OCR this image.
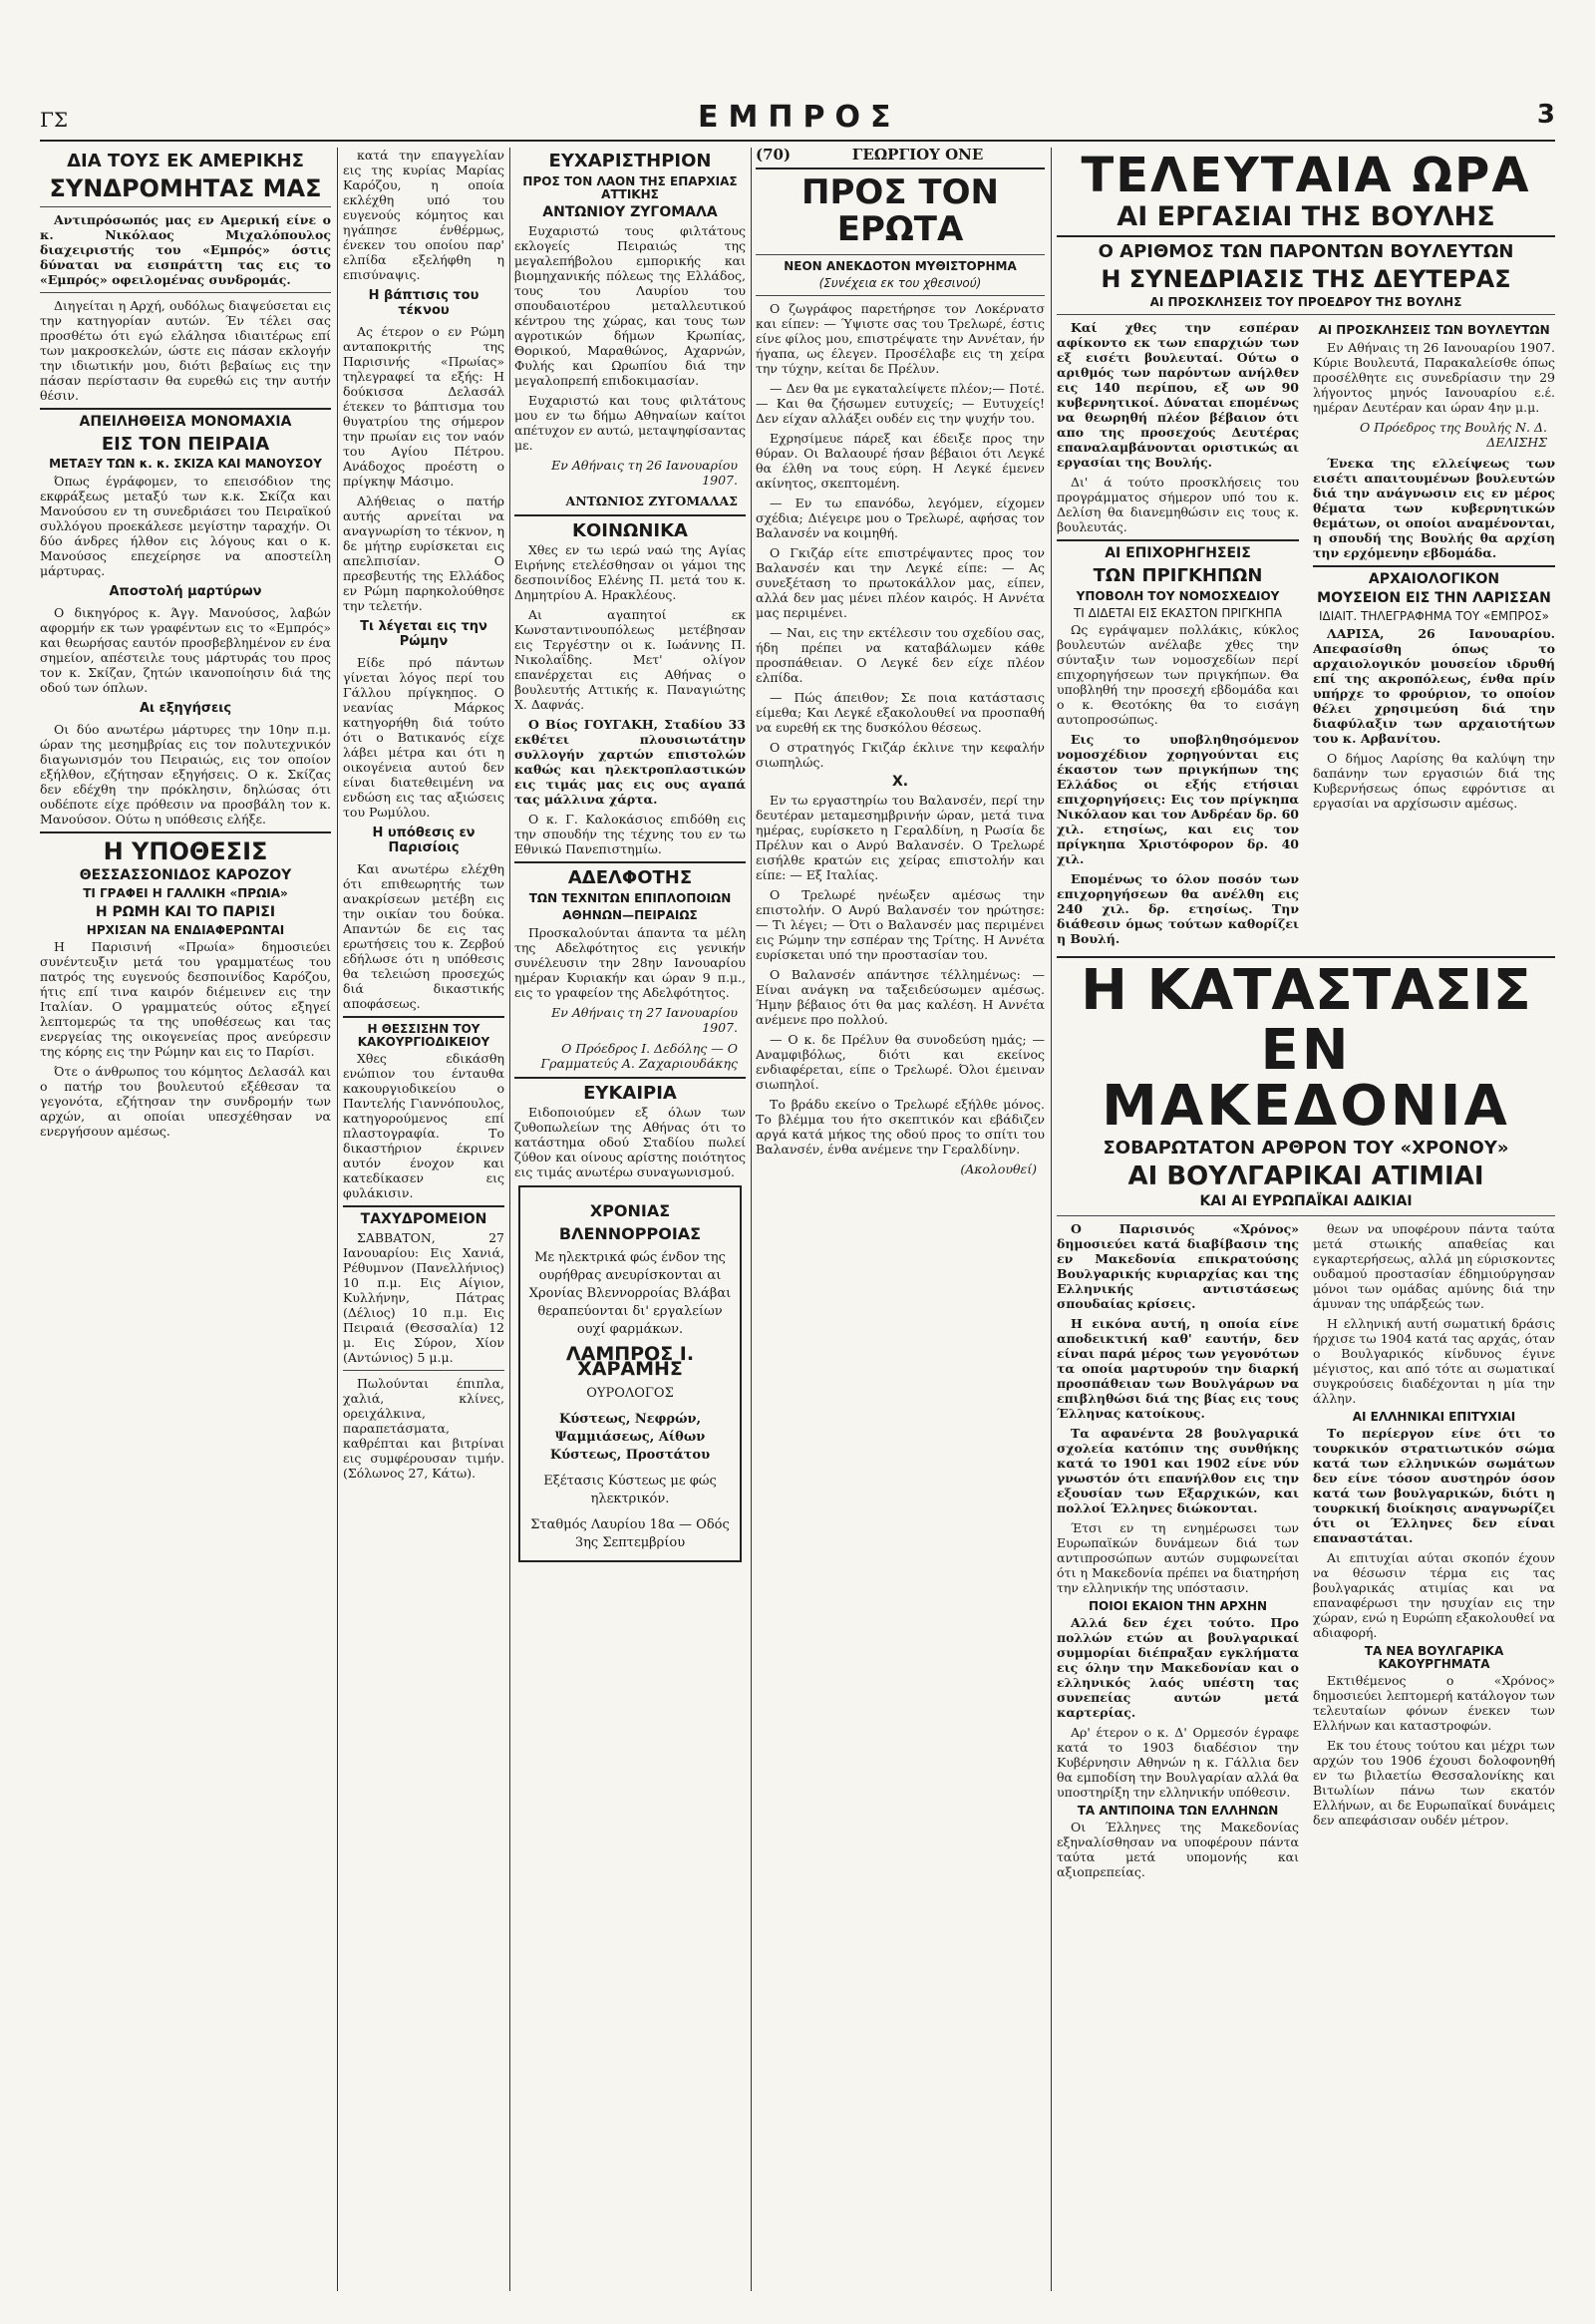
ΓΣ	ΕΜΠΡΟΣ	3
ΔΙΑ ΤΟΥΣ ΕΚ ΑΜΕΡΙΚΗΣ
ΣΥΝΔΡΟΜΗΤΑΣ ΜΑΣ

Αντιπρόσωπός μας εν Αμερική είνε ο κ. Νικόλαος Μιχαλόπουλος διαχειριστής του «Εμπρός» όστις δύναται να εισπράττη τας εις το «Εμπρός» οφειλομένας συνδρομάς.

Διηγείται η Αρχή, ουδόλως διαψεύσεται εις την κατηγορίαν αυτών. Έν τέλει σας προσθέτω ότι εγώ ελάλησα ιδιαιτέρως επί των μακροσκελών, ώστε εις πάσαν εκλογήν την ιδιωτικήν μου, διότι βεβαίως εις την πάσαν περίστασιν θα ευρεθώ εις την αυτήν θέσιν.

ΑΠΕΙΛΗΘΕΙΣΑ ΜΟΝΟΜΑΧΙΑ
ΕΙΣ ΤΟΝ ΠΕΙΡΑΙΑ
ΜΕΤΑΞΥ ΤΩΝ κ. κ. ΣΚΙΖΑ ΚΑΙ ΜΑΝΟΥΣΟΥ

Όπως έγράφομεν, το επεισόδιον της εκφράξεως μεταξύ των κ.κ. Σκίζα και Μανούσου εν τη συνεδριάσει του Πειραϊκού συλλόγου προεκάλεσε μεγίστην ταραχήν. Οι δύο άνδρες ήλθον εις λόγους και ο κ. Μανούσος επεχείρησε να αποστείλη μάρτυρας.

Αποστολή μαρτύρων

Ο δικηγόρος κ. Άγγ. Μανούσος, λαβών αφορμήν εκ των γραφέντων εις το «Εμπρός» και θεωρήσας εαυτόν προσβεβλημένον εν ένα σημείον, απέστειλε τους μάρτυράς του προς τον κ. Σκίζαν, ζητών ικανοποίησιν διά της οδού των όπλων.

Αι εξηγήσεις

Οι δύο ανωτέρω μάρτυρες την 10ην π.μ. ώραν της μεσημβρίας εις τον πολυτεχνικόν διαγωνισμόν του Πειραιώς, εις τον οποίον εξήλθον, εζήτησαν εξηγήσεις. Ο κ. Σκίζας δεν εδέχθη την πρόκλησιν, δηλώσας ότι ουδέποτε είχε πρόθεσιν να προσβάλη τον κ. Μανούσον. Ούτω η υπόθεσις ελήξε.

Η ΥΠΟΘΕΣΙΣ
ΘΕΣΣΑΣΣΟΝΙΔΟΣ ΚΑΡΟΖΟΥ
ΤΙ ΓΡΑΦΕΙ Η ΓΑΛΛΙΚΗ «ΠΡΩΙΑ»
Η ΡΩΜΗ ΚΑΙ ΤΟ ΠΑΡΙΣΙ
ΗΡΧΙΣΑΝ ΝΑ ΕΝΔΙΑΦΕΡΩΝΤΑΙ

Η Παρισινή «Πρωία» δημοσιεύει συνέντευξιν μετά του γραμματέως του πατρός της ευγενούς δεσποινίδος Καρόζου, ήτις επί τινα καιρόν διέμεινεν εις την Ιταλίαν. Ο γραμματεύς ούτος εξηγεί λεπτομερώς τα της υποθέσεως και τας ενεργείας της οικογενείας προς ανεύρεσιν της κόρης εις την Ρώμην και εις το Παρίσι.

Ότε ο άνθρωπος του κόμητος Δελασάλ και ο πατήρ του βουλευτού εξέθεσαν τα γεγονότα, εζήτησαν την συνδρομήν των αρχών, αι οποίαι υπεσχέθησαν να ενεργήσουν αμέσως.

κατά την επαγγελίαν εις της κυρίας Μαρίας Καρόζου, η οποία εκλέχθη υπό του ευγενούς κόμητος και ηγάπησε ένθέρμως, ένεκεν του οποίου παρ' ελπίδα εξελήφθη η επισύναψις.

Η βάπτισις του τέκνου

Ας έτερον ο εν Ρώμη ανταποκριτής της Παρισινής «Πρωίας» τηλεγραφεί τα εξής: Η δούκισσα Δελασάλ έτεκεν το βάπτισμα του θυγατρίου της σήμερον την πρωίαν εις τον ναόν του Αγίου Πέτρου. Ανάδοχος προέστη ο πρίγκηψ Μάσιμο.

Αλήθειας ο πατήρ αυτής αρνείται να αναγνωρίση το τέκνον, η δε μήτηρ ευρίσκεται εις απελπισίαν. Ο πρεσβευτής της Ελλάδος εν Ρώμη παρηκολούθησε την τελετήν.

Τι λέγεται εις την Ρώμην

Είδε πρό πάντων γίνεται λόγος περί του Γάλλου πρίγκηπος. Ο νεανίας Μάρκος κατηγορήθη διά τούτο ότι ο Βατικανός είχε λάβει μέτρα και ότι η οικογένεια αυτού δεν είναι διατεθειμένη να ενδώση εις τας αξιώσεις του Ρωμύλου.

Η υπόθεσις εν Παρισίοις

Και ανωτέρω ελέχθη ότι επιθεωρητής των ανακρίσεων μετέβη εις την οικίαν του δούκα. Απαντών δε εις τας ερωτήσεις του κ. Ζερβού εδήλωσε ότι η υπόθεσις θα τελειώση προσεχώς διά δικαστικής αποφάσεως.

Η ΘΕΣΣΙΣΗΝ ΤΟΥ ΚΑΚΟΥΡΓΙΟΔΙΚΕΙΟΥ

Χθες εδικάσθη ενώπιον του ένταυθα κακουργιοδικείου ο Παντελής Γιαννόπουλος, κατηγορούμενος επί πλαστογραφία. Το δικαστήριον έκρινεν αυτόν ένοχον και κατεδίκασεν εις φυλάκισιν.

ΤΑΧΥΔΡΟΜΕΙΟΝ

ΣΑΒΒΑΤΟΝ, 27 Ιανουαρίου: Εις Χανιά, Ρέθυμνον (Πανελλήνιος) 10 π.μ. Εις Αίγιον, Κυλλήνην, Πάτρας (Δέλιος) 10 π.μ. Εις Πειραιά (Θεσσαλία) 12 μ. Εις Σύρον, Χίον (Αντώνιος) 5 μ.μ.

Πωλούνται έπιπλα, χαλιά, κλίνες, ορειχάλκινα, παραπετάσματα, καθρέπται και βιτρίναι εις συμφέρουσαν τιμήν. (Σόλωνος 27, Κάτω).

ΕΥΧΑΡΙΣΤΗΡΙΟΝ
ΠΡΟΣ ΤΟΝ ΛΑΟΝ ΤΗΣ ΕΠΑΡΧΙΑΣ ΑΤΤΙΚΗΣ
ΑΝΤΩΝΙΟΥ ΖΥΓΟΜΑΛΑ

Ευχαριστώ τους φιλτάτους εκλογείς Πειραιώς της μεγαλεπήβολου εμπορικής και βιομηχανικής πόλεως της Ελλάδος, τους του Λαυρίου του σπουδαιοτέρου μεταλλευτικού κέντρου της χώρας, και τους των αγροτικών δήμων Κρωπίας, Θορικού, Μαραθώνος, Αχαρνών, Φυλής και Ωρωπίου διά την μεγαλοπρεπή επιδοκιμασίαν.

Ευχαριστώ και τους φιλτάτους μου εν τω δήμω Αθηναίων καίτοι απέτυχον εν αυτώ, μεταψηφίσαντας με.

Εν Αθήναις τη 26 Ιανουαρίου 1907.
ΑΝΤΩΝΙΟΣ ΖΥΓΟΜΑΛΑΣ
ΚΟΙΝΩΝΙΚΑ

Χθες εν τω ιερώ ναώ της Αγίας Ειρήνης ετελέσθησαν οι γάμοι της δεσποινίδος Ελένης Π. μετά του κ. Δημητρίου Α. Ηρακλέους.

Αι αγαπητοί εκ Κωνσταντινουπόλεως μετέβησαν εις Τεργέστην οι κ. Ιωάννης Π. Νικολαΐδης. Μετ' ολίγον επανέρχεται εις Αθήνας ο βουλευτής Αττικής κ. Παναγιώτης Χ. Δαφνάς.

Ο Βίος ΓΟΥΓΑΚΗ, Σταδίου 33 εκθέτει πλουσιωτάτην συλλογήν χαρτών επιστολών καθώς και ηλεκτροπλαστικών εις τιμάς μας εις ους αγαπά τας μάλλινα χάρτα.

Ο κ. Γ. Καλοκάσιος επιδόθη εις την σπουδήν της τέχνης του εν τω Εθνικώ Πανεπιστημίω.

ΑΔΕΛΦΟΤΗΣ
ΤΩΝ ΤΕΧΝΙΤΩΝ ΕΠΙΠΛΟΠΟΙΩΝ
ΑΘΗΝΩΝ—ΠΕΙΡΑΙΩΣ

Προσκαλούνται άπαντα τα μέλη της Αδελφότητος εις γενικήν συνέλευσιν την 28ην Ιανουαρίου ημέραν Κυριακήν και ώραν 9 π.μ., εις το γραφείον της Αδελφότητος.

Εν Αθήναις τη 27 Ιανουαρίου 1907.
Ο Πρόεδρος Ι. Δεδόλης — Ο Γραμματεύς Α. Ζαχαριουδάκης
ΕΥΚΑΙΡΙΑ

Ειδοποιούμεν εξ όλων των ζυθοπωλείων της Αθήνας ότι το κατάστημα οδού Σταδίου πωλεί ζύθον και οίνους αρίστης ποιότητος εις τιμάς ανωτέρω συναγωνισμού.

ΧΡΟΝΙΑΣ
ΒΛΕΝΝΟΡΡΟΙΑΣ
Με ηλεκτρικά φώς ένδον της ουρήθρας ανευρίσκονται αι Χρονίας Βλεννορροίας Βλάβαι θεραπεύονται δι' εργαλείων ουχί φαρμάκων.
ΛΑΜΠΡΟΣ Ι. ΧΑΡΑΜΗΣ
ΟΥΡΟΛΟΓΟΣ
Κύστεως, Νεφρών, Ψαμμιάσεως, Αίθων Κύστεως, Προστάτου
Εξέτασις Κύστεως με φώς ηλεκτρικόν.
Σταθμός Λαυρίου 18α — Οδός 3ης Σεπτεμβρίου
(70)	ΓΕΩΡΓΙΟΥ ΟΝΕ
ΠΡΟΣ ΤΟΝ ΕΡΩΤΑ
ΝΕΟΝ ΑΝΕΚΔΟΤΟΝ ΜΥΘΙΣΤΟΡΗΜΑ
(Συνέχεια εκ του χθεσινού)

Ο ζωγράφος παρετήρησε τον Λοκέρνατσ και είπεν: — Ύψιστε σας του Τρελωρέ, έστις είνε φίλος μου, επιστρέψατε την Αννέταν, ήν ήγαπα, ως έλεγεν. Προσέλαβε εις τη χείρα την τύχην, κείται δε Πρέλυν.

— Δεν θα με εγκαταλείψετε πλέον;— Ποτέ. — Και θα ζήσωμεν ευτυχείς; — Ευτυχείς! Δεν είχαν αλλάξει ουδέν εις την ψυχήν του.

Εχρησίμευε πάρεξ και έδειξε προς την θύραν. Οι Βαλαουρέ ήσαν βέβαιοι ότι Λεγκέ θα έλθη να τους εύρη. Η Λεγκέ έμενεν ακίνητος, σκεπτομένη.

— Εν τω επανόδω, λεγόμεν, είχομεν σχέδια; Διέγειρε μου ο Τρελωρέ, αφήσας τον Βαλανσέν να κοιμηθή.

Ο Γκιζάρ είτε επιστρέψαντες προς τον Βαλανσέν και την Λεγκέ είπε: — Ας συνεξέταση το πρωτοκάλλον μας, είπεν, αλλά δεν μας μένει πλέον καιρός. Η Αννέτα μας περιμένει.

— Ναι, εις την εκτέλεσιν του σχεδίου σας, ήδη πρέπει να καταβάλωμεν κάθε προσπάθειαν. Ο Λεγκέ δεν είχε πλέον ελπίδα.

— Πώς άπειθον; Σε ποια κατάστασις είμεθα; Και Λεγκέ εξακολουθεί να προσπαθή να ευρεθή εκ της δυσκόλου θέσεως.

Ο στρατηγός Γκιζάρ έκλινε την κεφαλήν σιωπηλώς.

Χ.

Εν τω εργαστηρίω του Βαλανσέν, περί την δευτέραν μεταμεσημβρινήν ώραν, μετά τινα ημέρας, ευρίσκετο η Γεραλδίνη, η Ρωσία δε Πρέλυν και ο Ανρύ Βαλανσέν. Ο Τρελωρέ εισήλθε κρατών εις χείρας επιστολήν και είπε: — Εξ Ιταλίας.

Ο Τρελωρέ ηνέωξεν αμέσως την επιστολήν. Ο Ανρύ Βαλανσέν τον ηρώτησε: — Τι λέγει; — Ότι ο Βαλανσέν μας περιμένει εις Ρώμην την εσπέραν της Τρίτης. Η Αννέτα ευρίσκεται υπό την προστασίαν του.

Ο Βαλανσέν απάντησε τέλλημένως: — Είναι ανάγκη να ταξειδεύσωμεν αμέσως. Ήμην βέβαιος ότι θα μας καλέση. Η Αννέτα ανέμενε προ πολλού.

— Ο κ. δε Πρέλυν θα συνοδεύση ημάς; — Αναμφιβόλως, διότι και εκείνος ενδιαφέρεται, είπε ο Τρελωρέ. Όλοι έμειναν σιωπηλοί.

Το βράδυ εκείνο ο Τρελωρέ εξήλθε μόνος. Το βλέμμα του ήτο σκεπτικόν και εβάδιζεν αργά κατά μήκος της οδού προς το σπίτι του Βαλανσέν, ένθα ανέμενε την Γεραλδίνην.

(Ακολουθεί)
ΤΕΛΕΥΤΑΙΑ ΩΡΑ
ΑΙ ΕΡΓΑΣΙΑΙ ΤΗΣ ΒΟΥΛΗΣ
Ο ΑΡΙΘΜΟΣ ΤΩΝ ΠΑΡΟΝΤΩΝ ΒΟΥΛΕΥΤΩΝ
Η ΣΥΝΕΔΡΙΑΣΙΣ ΤΗΣ ΔΕΥΤΕΡΑΣ
ΑΙ ΠΡΟΣΚΛΗΣΕΙΣ ΤΟΥ ΠΡΟΕΔΡΟΥ ΤΗΣ ΒΟΥΛΗΣ

Καί χθες την εσπέραν αφίκοντο εκ των επαρχιών των εξ εισέτι βουλευταί. Ούτω ο αριθμός των παρόντων ανήλθεν εις 140 περίπου, εξ ων 90 κυβερνητικοί. Δύναται επομένως να θεωρηθή πλέον βέβαιον ότι απο της προσεχούς Δευτέρας επαναλαμβάνονται οριστικώς αι εργασίαι της Βουλής.

Δι' ά τούτο προσκλήσεις του προγράμματος σήμερον υπό του κ. Δελίση θα διανεμηθώσιν εις τους κ. βουλευτάς.

ΑΙ ΕΠΙΧΟΡΗΓΗΣΕΙΣ
ΤΩΝ ΠΡΙΓΚΗΠΩΝ
ΥΠΟΒΟΛΗ ΤΟΥ ΝΟΜΟΣΧΕΔΙΟΥ
ΤΙ ΔΙΔΕΤΑΙ ΕΙΣ ΕΚΑΣΤΟΝ ΠΡΙΓΚΗΠΑ

Ως εγράψαμεν πολλάκις, κύκλος βουλευτών ανέλαβε χθες την σύνταξιν των νομοσχεδίων περί επιχορηγήσεων των πριγκήπων. Θα υποβληθή την προσεχή εβδομάδα και ο κ. Θεοτόκης θα το εισάγη αυτοπροσώπως.

Εις το υποβληθησόμενον νομοσχέδιον χορηγούνται εις έκαστον των πριγκήπων της Ελλάδος οι εξής ετήσιαι επιχορηγήσεις: Εις τον πρίγκηπα Νικόλαον και τον Ανδρέαν δρ. 60 χιλ. ετησίως, και εις τον πρίγκηπα Χριστόφορον δρ. 40 χιλ.

Επομένως το όλον ποσόν των επιχορηγήσεων θα ανέλθη εις 240 χιλ. δρ. ετησίως. Την διάθεσιν όμως τούτων καθορίζει η Βουλή.

ΑΙ ΠΡΟΣΚΛΗΣΕΙΣ ΤΩΝ ΒΟΥΛΕΥΤΩΝ

Εν Αθήναις τη 26 Ιανουαρίου 1907. Κύριε Βουλευτά, Παρακαλείσθε όπως προσέλθητε εις συνεδρίασιν την 29 λήγοντος μηνός Ιανουαρίου ε.έ. ημέραν Δευτέραν και ώραν 4ην μ.μ.

Ο Πρόεδρος της Βουλής Ν. Δ. ΔΕΛΙΣΗΣ

Ένεκα της ελλείψεως των εισέτι απαιτουμένων βουλευτών διά την ανάγνωσιν εις εν μέρος θέματα των κυβερνητικών θεμάτων, οι οποίοι αναμένονται, η σπουδή της Βουλής θα αρχίση την ερχόμενην εβδομάδα.

ΑΡΧΑΙΟΛΟΓΙΚΟΝ
ΜΟΥΣΕΙΟΝ ΕΙΣ ΤΗΝ ΛΑΡΙΣΣΑΝ
ΙΔΙΑΙΤ. ΤΗΛΕΓΡΑΦΗΜΑ ΤΟΥ «ΕΜΠΡΟΣ»

ΛΑΡΙΣΑ, 26 Ιανουαρίου. Απεφασίσθη όπως το αρχαιολογικόν μουσείον ιδρυθή επί της ακροπόλεως, ένθα πρίν υπήρχε το φρούριον, το οποίον θέλει χρησιμεύση διά την διαφύλαξιν των αρχαιοτήτων του κ. Αρβανίτου.

Ο δήμος Λαρίσης θα καλύψη την δαπάνην των εργασιών διά της Κυβερνήσεως όπως εφρόντισε αι εργασίαι να αρχίσωσιν αμέσως.

Η ΚΑΤΑΣΤΑΣΙΣ
ΕΝ ΜΑΚΕΔΟΝΙΑ
ΣΟΒΑΡΩΤΑΤΟΝ ΑΡΘΡΟΝ ΤΟΥ «ΧΡΟΝΟΥ»
ΑΙ ΒΟΥΛΓΑΡΙΚΑΙ ΑΤΙΜΙΑΙ
ΚΑΙ ΑΙ ΕΥΡΩΠΑΪΚΑΙ ΑΔΙΚΙΑΙ

Ο Παρισινός «Χρόνος» δημοσιεύει κατά διαβίβασιν της εν Μακεδονία επικρατούσης Βουλγαρικής κυριαρχίας και της Ελληνικής αντιστάσεως σπουδαίας κρίσεις.

Η εικόνα αυτή, η οποία είνε αποδεικτική καθ' εαυτήν, δεν είναι παρά μέρος των γεγονότων τα οποία μαρτυρούν την διαρκή προσπάθειαν των Βουλγάρων να επιβληθώσι διά της βίας εις τους Έλληνας κατοίκους.

Τα αφανέντα 28 βουλγαρικά σχολεία κατόπιν της συνθήκης κατά το 1901 και 1902 είνε νύν γνωστόν ότι επανήλθον εις την εξουσίαν των Εξαρχικών, και πολλοί Έλληνες διώκονται.

Έτσι εν τη ενημέρωσει των Ευρωπαϊκών δυνάμεων διά των αντιπροσώπων αυτών συμφωνείται ότι η Μακεδονία πρέπει να διατηρήση την ελληνικήν της υπόστασιν.

ΠΟΙΟΙ ΕΚΑΙΟΝ ΤΗΝ ΑΡΧΗΝ

Αλλά δεν έχει τούτο. Προ πολλών ετών αι βουλγαρικαί συμμορίαι διέπραξαν εγκλήματα εις όλην την Μακεδονίαν και ο ελληνικός λαός υπέστη τας συνεπείας αυτών μετά καρτερίας.

Αρ' έτερον ο κ. Δ' Ορμεσόν έγραφε κατά το 1903 διαδέσιον την Κυβέρνησιν Αθηνών η κ. Γάλλια δεν θα εμποδίση την Βουλγαρίαν αλλά θα υποστηρίξη την ελληνικήν υπόθεσιν.

ΤΑ ΑΝΤΙΠΟΙΝΑ ΤΩΝ ΕΛΛΗΝΩΝ

Οι Έλληνες της Μακεδονίας εξηναλίσθησαν να υποφέρουν πάντα ταύτα μετά υπομονής και αξιοπρεπείας.

θεων να υποφέρουν πάντα ταύτα μετά στωικής απαθείας και εγκαρτερήσεως, αλλά μη εύρισκοντες ουδαμού προστασίαν έδημιούργησαν μόνοι των ομάδας αμύνης διά την άμυναν της υπάρξεώς των.

Η ελληνική αυτή σωματική δράσις ήρχισε τω 1904 κατά τας αρχάς, όταν ο Βουλγαρικός κίνδυνος έγινε μέγιστος, και από τότε αι σωματικαί συγκρούσεις διαδέχονται η μία την άλλην.

ΑΙ ΕΛΛΗΝΙΚΑΙ ΕΠΙΤΥΧΙΑΙ

Το περίεργον είνε ότι το τουρκικόν στρατιωτικόν σώμα κατά των ελληνικών σωμάτων δεν είνε τόσον αυστηρόν όσον κατά των βουλγαρικών, διότι η τουρκική διοίκησις αναγνωρίζει ότι οι Έλληνες δεν είναι επαναστάται.

Αι επιτυχίαι αύται σκοπόν έχουν να θέσωσιν τέρμα εις τας βουλγαρικάς ατιμίας και να επαναφέρωσι την ησυχίαν εις την χώραν, ενώ η Ευρώπη εξακολουθεί να αδιαφορή.

ΤΑ ΝΕΑ ΒΟΥΛΓΑΡΙΚΑ ΚΑΚΟΥΡΓΗΜΑΤΑ

Εκτιθέμενος ο «Χρόνος» δημοσιεύει λεπτομερή κατάλογον των τελευταίων φόνων ένεκεν των Ελλήνων και καταστροφών.

Εκ του έτους τούτου και μέχρι των αρχών του 1906 έχουσι δολοφονηθή εν τω βιλαετίω Θεσσαλονίκης και Βιτωλίων πάνω των εκατόν Ελλήνων, αι δε Ευρωπαϊκαί δυνάμεις δεν απεφάσισαν ουδέν μέτρον.
